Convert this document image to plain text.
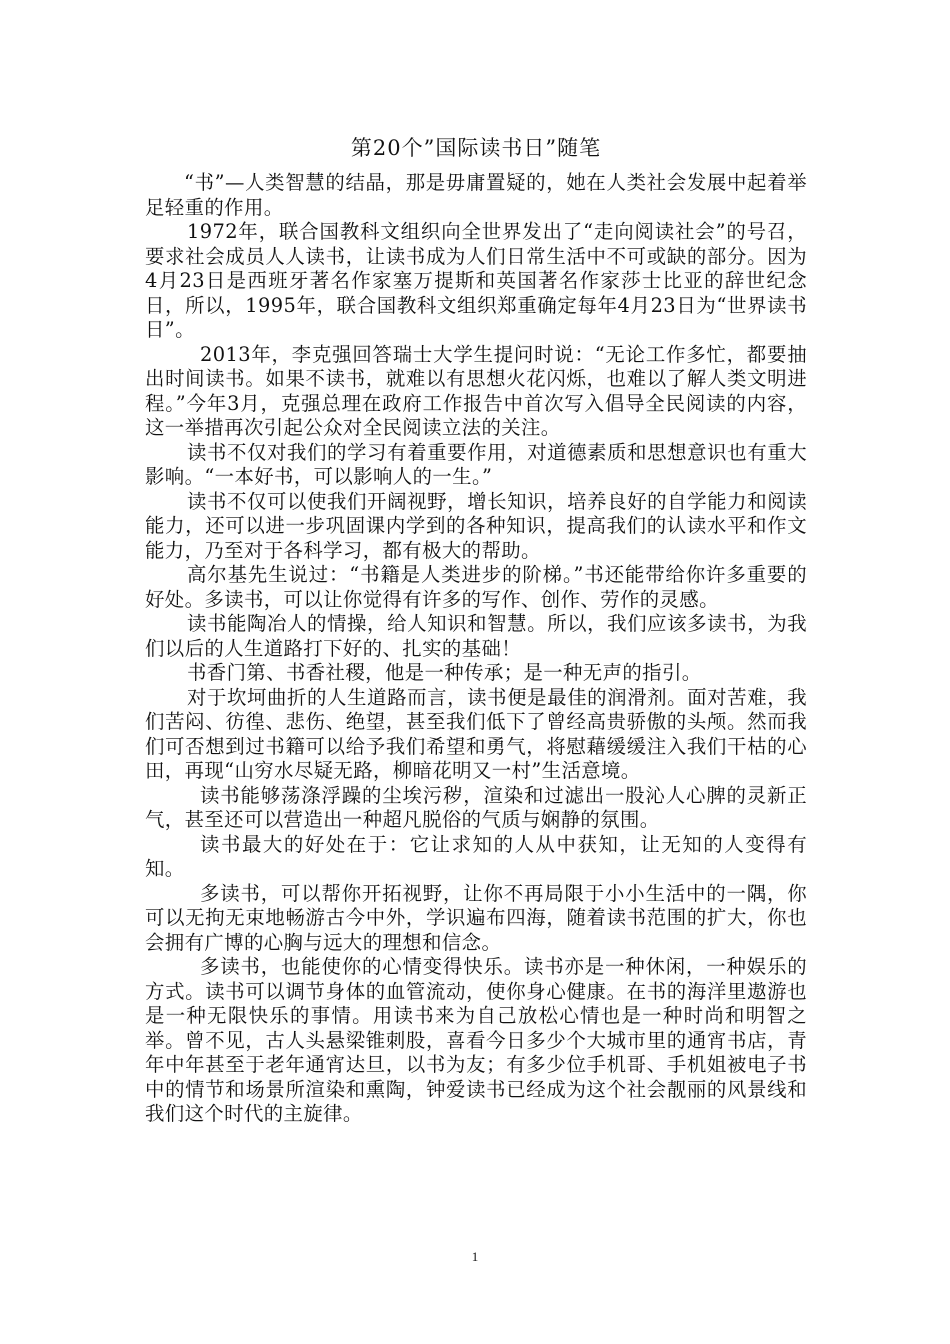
第20个”国际读书日”随笔

“书”—人类智慧的结晶，那是毋庸置疑的，她在人类社会发展中起着举足轻重的作用。

1972年，联合国教科文组织向全世界发出了“走向阅读社会”的号召，要求社会成员人人读书，让读书成为人们日常生活中不可或缺的部分。因为4月23日是西班牙著名作家塞万提斯和英国著名作家莎士比亚的辞世纪念日，所以，1995年，联合国教科文组织郑重确定每年4月23日为“世界读书日”。

2013年，李克强回答瑞士大学生提问时说：“无论工作多忙，都要抽出时间读书。如果不读书，就难以有思想火花闪烁，也难以了解人类文明进程。”今年3月，克强总理在政府工作报告中首次写入倡导全民阅读的内容，这一举措再次引起公众对全民阅读立法的关注。

读书不仅对我们的学习有着重要作用，对道德素质和思想意识也有重大影响。“一本好书，可以影响人的一生。”

读书不仅可以使我们开阔视野，增长知识，培养良好的自学能力和阅读能力，还可以进一步巩固课内学到的各种知识，提高我们的认读水平和作文能力，乃至对于各科学习，都有极大的帮助。

高尔基先生说过：“书籍是人类进步的阶梯。”书还能带给你许多重要的好处。多读书，可以让你觉得有许多的写作、创作、劳作的灵感。

读书能陶冶人的情操，给人知识和智慧。所以，我们应该多读书，为我们以后的人生道路打下好的、扎实的基础！

书香门第、书香社稷，他是一种传承；是一种无声的指引。

对于坎坷曲折的人生道路而言，读书便是最佳的润滑剂。面对苦难，我们苦闷、彷徨、悲伤、绝望，甚至我们低下了曾经高贵骄傲的头颅。然而我们可否想到过书籍可以给予我们希望和勇气，将慰藉缓缓注入我们干枯的心田，再现“山穷水尽疑无路，柳暗花明又一村”生活意境。

读书能够荡涤浮躁的尘埃污秽，渲染和过滤出一股沁人心脾的灵新正气，甚至还可以营造出一种超凡脱俗的气质与娴静的氛围。

读书最大的好处在于：它让求知的人从中获知，让无知的人变得有知。

多读书，可以帮你开拓视野，让你不再局限于小小生活中的一隅，你可以无拘无束地畅游古今中外，学识遍布四海，随着读书范围的扩大，你也会拥有广博的心胸与远大的理想和信念。

多读书，也能使你的心情变得快乐。读书亦是一种休闲，一种娱乐的方式。读书可以调节身体的血管流动，使你身心健康。在书的海洋里遨游也是一种无限快乐的事情。用读书来为自己放松心情也是一种时尚和明智之举。曾不见，古人头悬梁锥刺股，喜看今日多少个大城市里的通宵书店，青年中年甚至于老年通宵达旦，以书为友；有多少位手机哥、手机姐被电子书中的情节和场景所渲染和熏陶，钟爱读书已经成为这个社会靓丽的风景线和我们这个时代的主旋律。

1
